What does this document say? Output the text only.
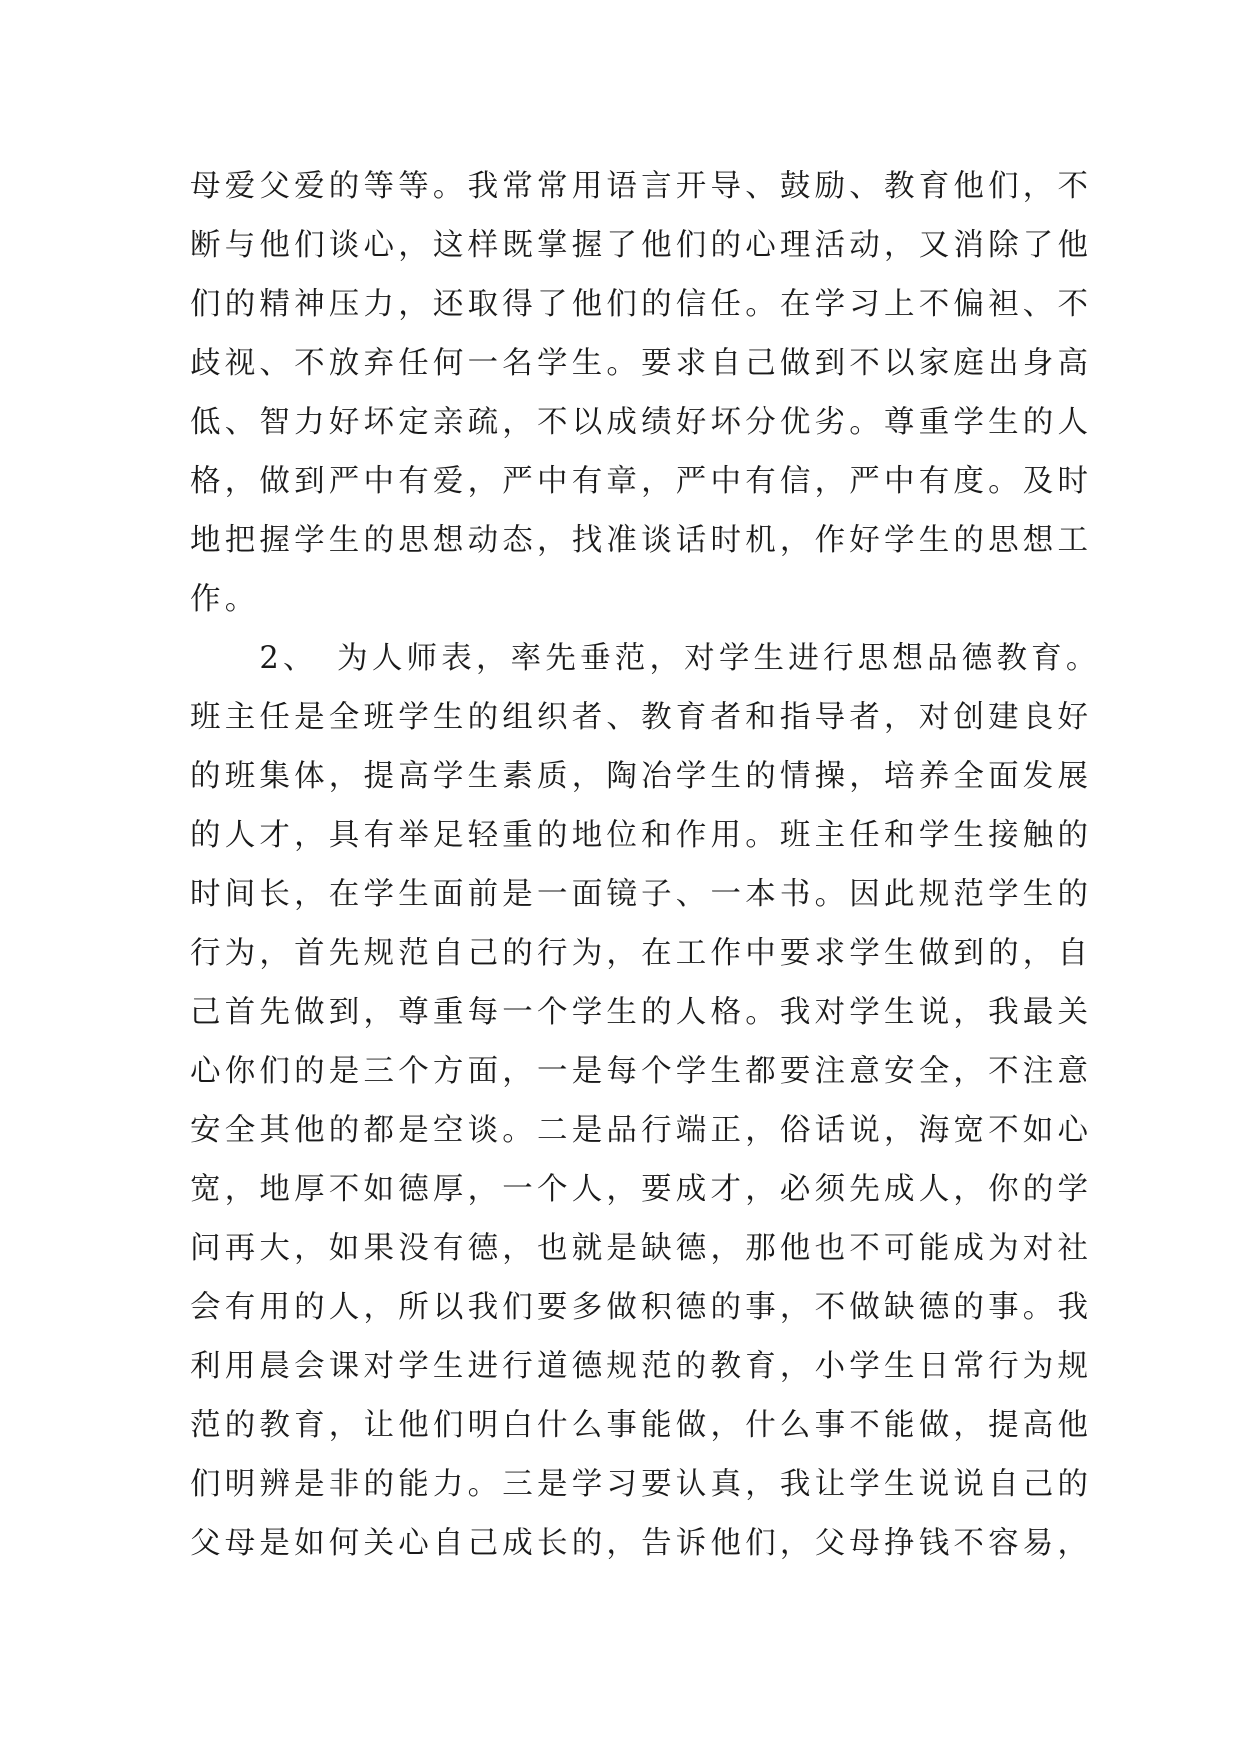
母爱父爱的等等。我常常用语言开导、鼓励、教育他们，不
断与他们谈心，这样既掌握了他们的心理活动，又消除了他
们的精神压力，还取得了他们的信任。在学习上不偏袒、不
歧视、不放弃任何一名学生。要求自己做到不以家庭出身高
低、智力好坏定亲疏，不以成绩好坏分优劣。尊重学生的人
格，做到严中有爱，严中有章，严中有信，严中有度。及时
地把握学生的思想动态，找准谈话时机，作好学生的思想工
作。
　　2、　为人师表，率先垂范，对学生进行思想品德教育。
班主任是全班学生的组织者、教育者和指导者，对创建良好
的班集体，提高学生素质，陶冶学生的情操，培养全面发展
的人才，具有举足轻重的地位和作用。班主任和学生接触的
时间长，在学生面前是一面镜子、一本书。因此规范学生的
行为，首先规范自己的行为，在工作中要求学生做到的，自
己首先做到，尊重每一个学生的人格。我对学生说，我最关
心你们的是三个方面，一是每个学生都要注意安全，不注意
安全其他的都是空谈。二是品行端正，俗话说，海宽不如心
宽，地厚不如德厚，一个人，要成才，必须先成人，你的学
问再大，如果没有德，也就是缺德，那他也不可能成为对社
会有用的人，所以我们要多做积德的事，不做缺德的事。我
利用晨会课对学生进行道德规范的教育，小学生日常行为规
范的教育，让他们明白什么事能做，什么事不能做，提高他
们明辨是非的能力。三是学习要认真，我让学生说说自己的
父母是如何关心自己成长的，告诉他们，父母挣钱不容易，
